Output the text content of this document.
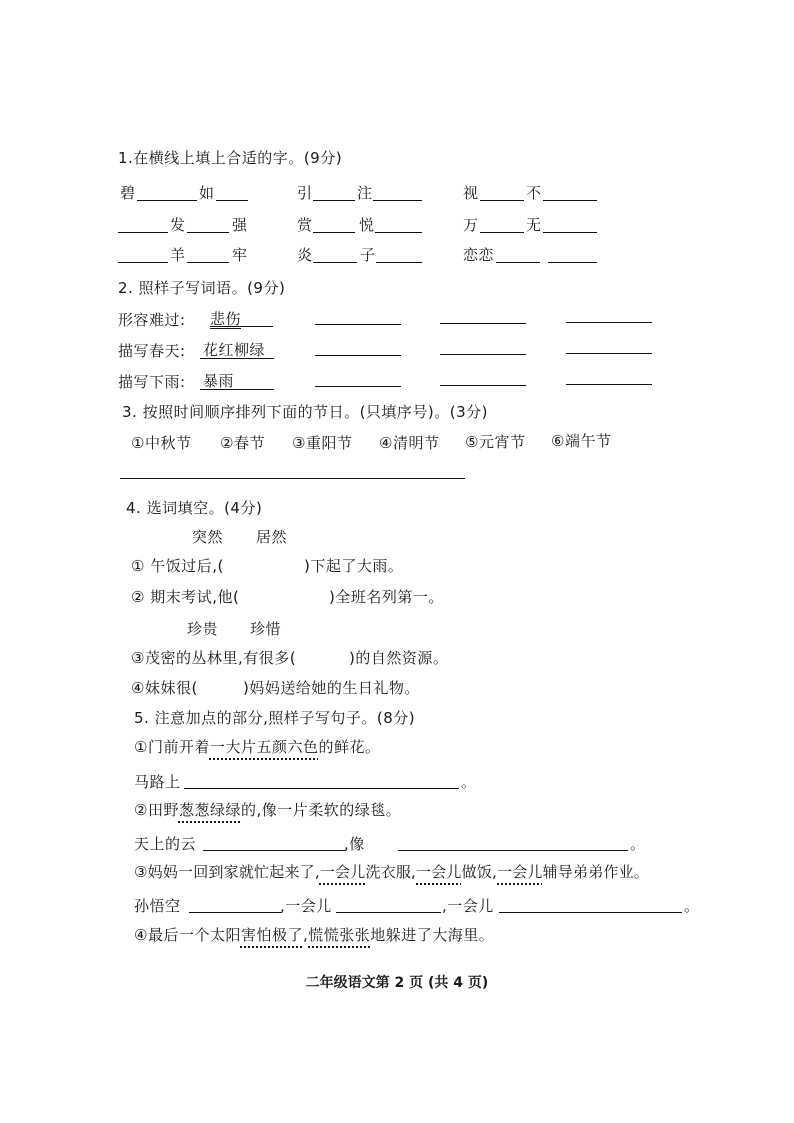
1.在横线上填上合适的字。(9分)
碧	如	引	注	视	不
发	强	赏	悦	万	无
羊	牢	炎	子	恋恋
2. 照样子写词语。(9分)
形容难过: 悲伤
描写春天: 花红柳绿
描写下雨: 暴雨
3. 按照时间顺序排列下面的节日。(只填序号)。(3分)
①中秋节 ②春节 ③重阳节 ④清明节 ⑤元宵节 ⑥端午节
4. 选词填空。(4分)
突然 居然
① 午饭过后,(	)下起了大雨。
② 期末考试,他(	)全班名列第一。
珍贵 珍惜
③茂密的丛林里,有很多(	)的自然资源。
④妹妹很(	)妈妈送给她的生日礼物。
5. 注意加点的部分,照样子写句子。(8分)
①门前开着一大片五颜六色的鲜花。
马路上	。
②田野葱葱绿绿的,像一片柔软的绿毯。
天上的云	,像	。
③妈妈一回到家就忙起来了,一会儿洗衣服,一会儿做饭,一会儿辅导弟弟作业。
孙悟空	,一会儿	,一会儿	。
④最后一个太阳害怕极了,慌慌张张地躲进了大海里。
二年级语文第 2 页 (共 4 页)
